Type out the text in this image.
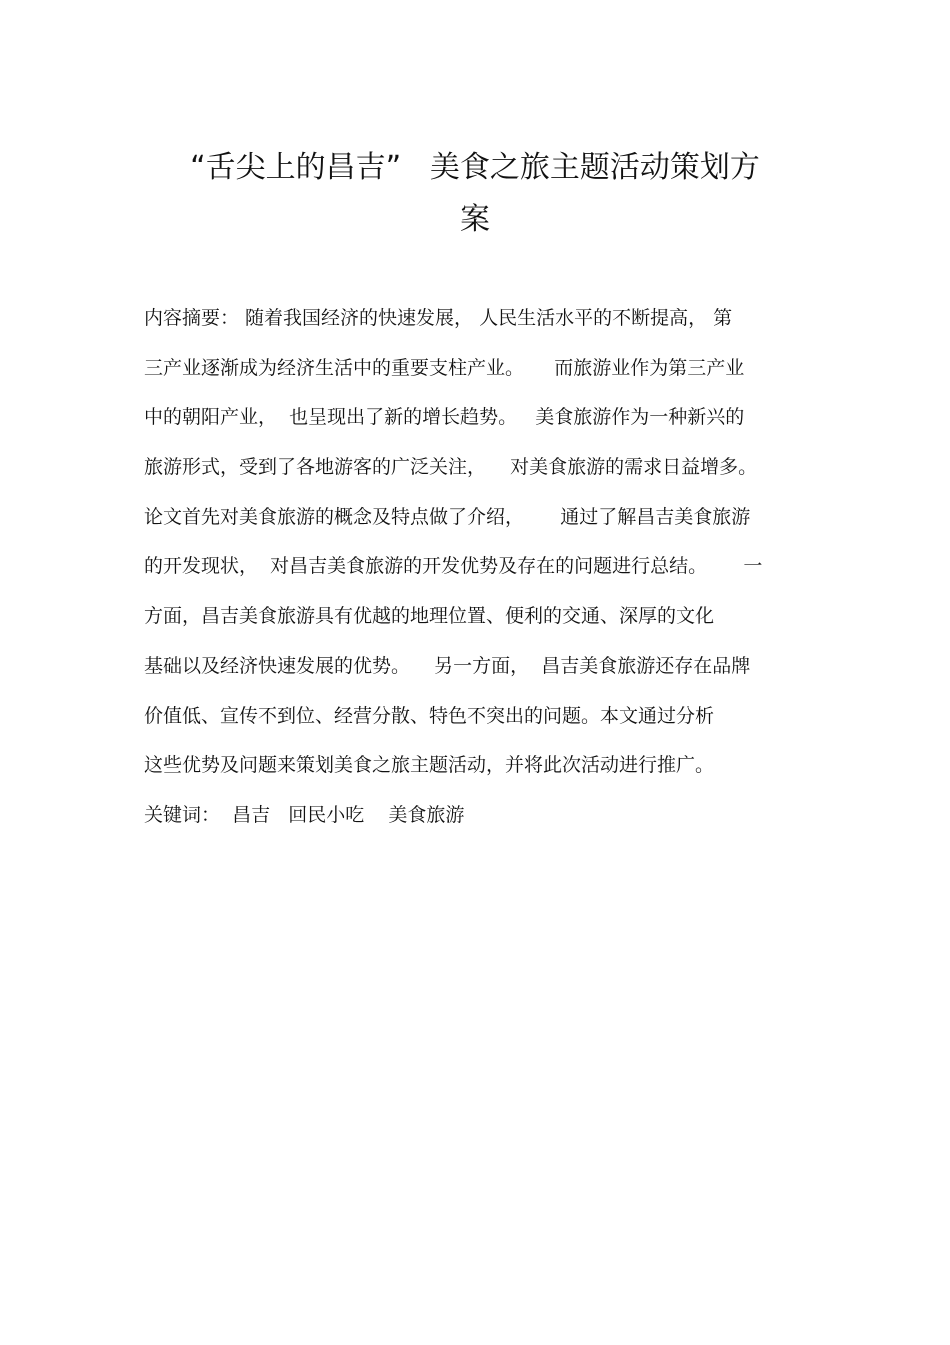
“舌尖上的昌吉”   美食之旅主题活动策划方
案
内容摘要： 随着我国经济的快速发展， 人民生活水平的不断提高， 第
三产业逐渐成为经济生活中的重要支柱产业。     而旅游业作为第三产业
中的朝阳产业，  也呈现出了新的增长趋势。   美食旅游作为一种新兴的
旅游形式，受到了各地游客的广泛关注，    对美食旅游的需求日益增多。
论文首先对美食旅游的概念及特点做了介绍，      通过了解昌吉美食旅游
的开发现状，  对昌吉美食旅游的开发优势及存在的问题进行总结。      一
方面，昌吉美食旅游具有优越的地理位置、便利的交通、深厚的文化
基础以及经济快速发展的优势。    另一方面，  昌吉美食旅游还存在品牌
价值低、宣传不到位、经营分散、特色不突出的问题。本文通过分析
这些优势及问题来策划美食之旅主题活动，并将此次活动进行推广。
关键词：  昌吉   回民小吃    美食旅游
